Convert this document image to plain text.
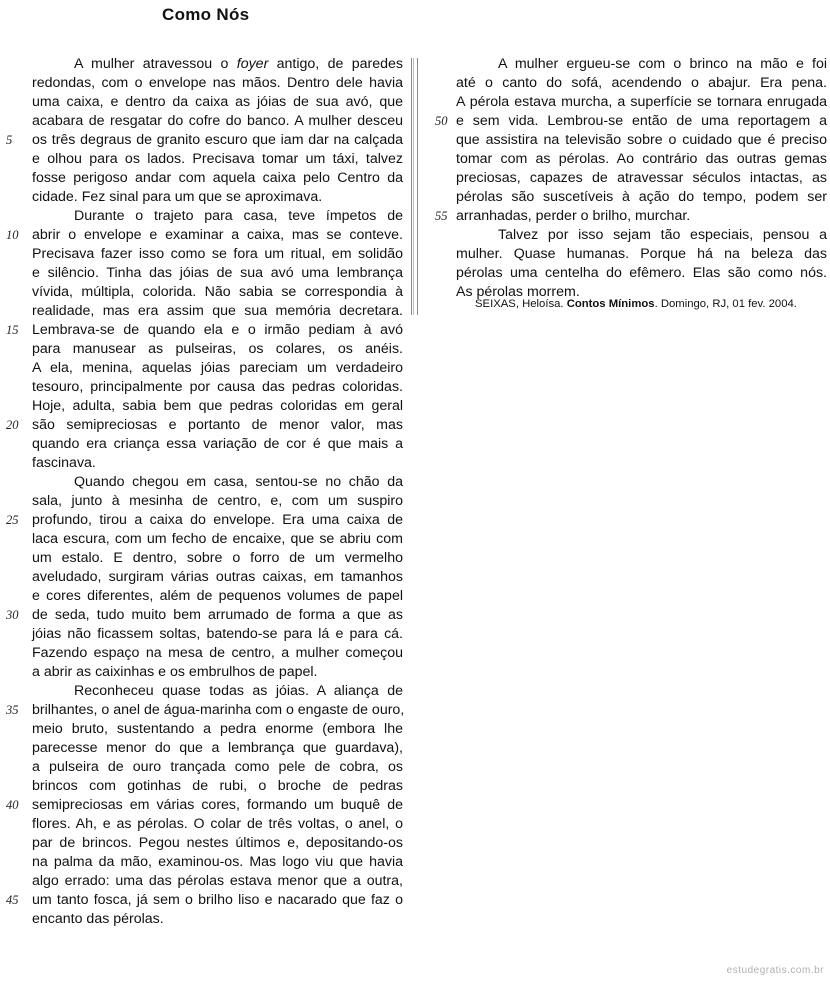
Como Nós
A mulher atravessou o foyer antigo, de paredes
redondas, com o envelope nas mãos. Dentro dele havia
uma caixa, e dentro da caixa as jóias de sua avó, que
acabara de resgatar do cofre do banco. A mulher desceu
os três degraus de granito escuro que iam dar na calçada
e olhou para os lados. Precisava tomar um táxi, talvez
fosse perigoso andar com aquela caixa pelo Centro da
cidade. Fez sinal para um que se aproximava.
Durante o trajeto para casa, teve ímpetos de
abrir o envelope e examinar a caixa, mas se conteve.
Precisava fazer isso como se fora um ritual, em solidão
e silêncio. Tinha das jóias de sua avó uma lembrança
vívida, múltipla, colorida. Não sabia se correspondia à
realidade, mas era assim que sua memória decretara.
Lembrava-se de quando ela e o irmão pediam à avó
para manusear as pulseiras, os colares, os anéis.
A ela, menina, aquelas jóias pareciam um verdadeiro
tesouro, principalmente por causa das pedras coloridas.
Hoje, adulta, sabia bem que pedras coloridas em geral
são semipreciosas e portanto de menor valor, mas
quando era criança essa variação de cor é que mais a
fascinava.
Quando chegou em casa, sentou-se no chão da
sala, junto à mesinha de centro, e, com um suspiro
profundo, tirou a caixa do envelope. Era uma caixa de
laca escura, com um fecho de encaixe, que se abriu com
um estalo. E dentro, sobre o forro de um vermelho
aveludado, surgiram várias outras caixas, em tamanhos
e cores diferentes, além de pequenos volumes de papel
de seda, tudo muito bem arrumado de forma a que as
jóias não ficassem soltas, batendo-se para lá e para cá.
Fazendo espaço na mesa de centro, a mulher começou
a abrir as caixinhas e os embrulhos de papel.
Reconheceu quase todas as jóias. A aliança de
brilhantes, o anel de água-marinha com o engaste de ouro,
meio bruto, sustentando a pedra enorme (embora lhe
parecesse menor do que a lembrança que guardava),
a pulseira de ouro trançada como pele de cobra, os
brincos com gotinhas de rubi, o broche de pedras
semipreciosas em várias cores, formando um buquê de
flores. Ah, e as pérolas. O colar de três voltas, o anel, o
par de brincos. Pegou nestes últimos e, depositando-os
na palma da mão, examinou-os. Mas logo viu que havia
algo errado: uma das pérolas estava menor que a outra,
um tanto fosca, já sem o brilho liso e nacarado que faz o
encanto das pérolas.
A mulher ergueu-se com o brinco na mão e foi
até o canto do sofá, acendendo o abajur. Era pena.
A pérola estava murcha, a superfície se tornara enrugada
e sem vida. Lembrou-se então de uma reportagem a
que assistira na televisão sobre o cuidado que é preciso
tomar com as pérolas. Ao contrário das outras gemas
preciosas, capazes de atravessar séculos intactas, as
pérolas são suscetíveis à ação do tempo, podem ser
arranhadas, perder o brilho, murchar.
Talvez por isso sejam tão especiais, pensou a
mulher. Quase humanas. Porque há na beleza das
pérolas uma centelha do efêmero. Elas são como nós.
As pérolas morrem.
5
10
15
20
25
30
35
40
45
50
55
SEIXAS, Heloísa. Contos Mínimos. Domingo, RJ, 01 fev. 2004.
estudegratis.com.br
